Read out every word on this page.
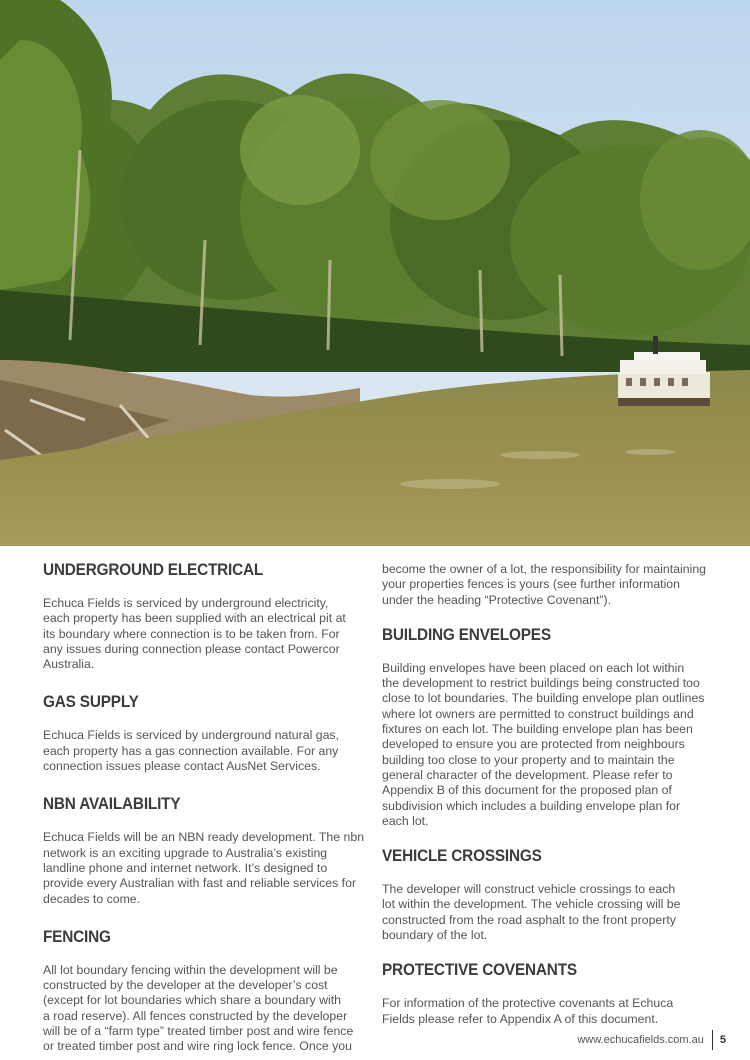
UNDERGROUND ELECTRICAL

Echuca Fields is serviced by underground electricity,
each property has been supplied with an electrical pit at
its boundary where connection is to be taken from. For
any issues during connection please contact Powercor
Australia.

GAS SUPPLY

Echuca Fields is serviced by underground natural gas,
each property has a gas connection available. For any
connection issues please contact AusNet Services.

NBN AVAILABILITY

Echuca Fields will be an NBN ready development. The nbn
network is an exciting upgrade to Australia’s existing
landline phone and internet network. It’s designed to
provide every Australian with fast and reliable services for
decades to come.

FENCING

All lot boundary fencing within the development will be
constructed by the developer at the developer’s cost
(except for lot boundaries which share a boundary with
a road reserve). All fences constructed by the developer
will be of a “farm type” treated timber post and wire fence
or treated timber post and wire ring lock fence. Once you

become the owner of a lot, the responsibility for maintaining
your properties fences is yours (see further information
under the heading “Protective Covenant”).

BUILDING ENVELOPES

Building envelopes have been placed on each lot within
the development to restrict buildings being constructed too
close to lot boundaries. The building envelope plan outlines
where lot owners are permitted to construct buildings and
fixtures on each lot. The building envelope plan has been
developed to ensure you are protected from neighbours
building too close to your property and to maintain the
general character of the development. Please refer to
Appendix B of this document for the proposed plan of
subdivision which includes a building envelope plan for
each lot.

VEHICLE CROSSINGS

The developer will construct vehicle crossings to each
lot within the development. The vehicle crossing will be
constructed from the road asphalt to the front property
boundary of the lot.

PROTECTIVE COVENANTS

For information of the protective covenants at Echuca
Fields please refer to Appendix A of this document.

www.echucafields.com.au 5
